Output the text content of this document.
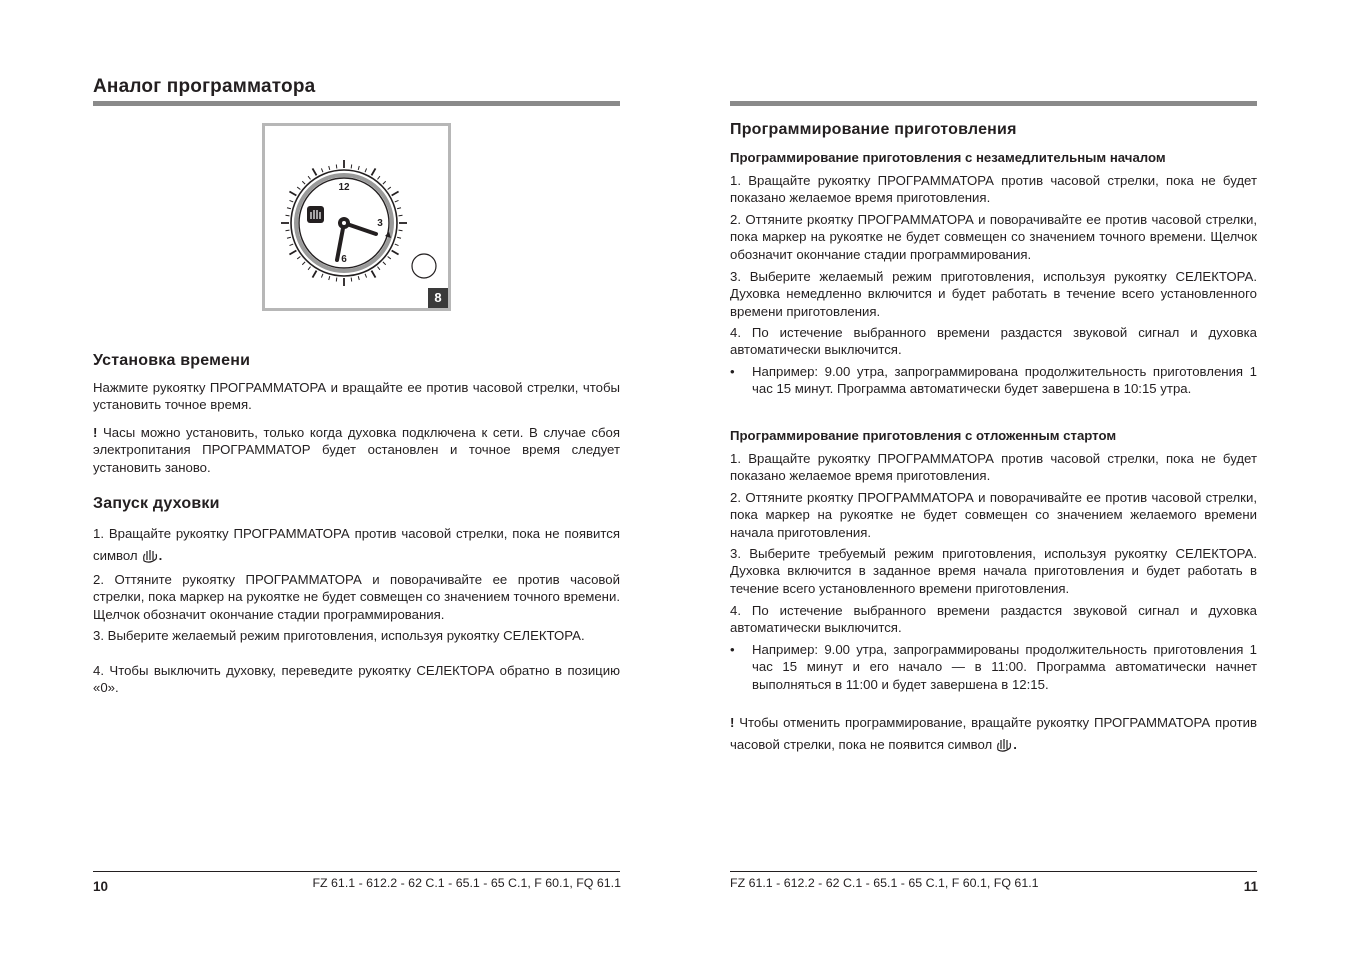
Аналог программатора
12
3
6
8
Установка времени
Нажмите рукоятку ПРОГРАММАТОРА и вращайте ее против часовой стрелки, чтобы установить точное время.
! Часы можно установить, только когда духовка подключена к сети. В случае сбоя электропитания ПРОГРАММАТОР будет остановлен и точное время следует установить заново.
Запуск духовки
1. Вращайте рукоятку ПРОГРАММАТОРА против часовой стрелки, пока не появится символ .
2. Оттяните рукоятку ПРОГРАММАТОРА и поворачивайте ее против часовой стрелки, пока маркер на рукоятке не будет совмещен со значением точного времени. Щелчок обозначит окончание стадии программирования.
3. Выберите желаемый режим приготовления, используя рукоятку СЕЛЕКТОРА.
4. Чтобы выключить духовку, переведите рукоятку СЕЛЕКТОРА обратно в позицию «0».
10	FZ 61.1 - 612.2 - 62 C.1 - 65.1 - 65 C.1, F 60.1, FQ 61.1
Программирование приготовления
Программирование приготовления с незамедлительным началом
1. Вращайте рукоятку ПРОГРАММАТОРА против часовой стрелки, пока не будет показано желаемое время приготовления.
2. Оттяните ркоятку ПРОГРАММАТОРА и поворачивайте ее против часовой стрелки, пока маркер на рукоятке не будет совмещен со значением точного времени. Щелчок обозначит окончание стадии программирования.
3. Выберите желаемый режим приготовления, используя рукоятку СЕЛЕКТОРА. Духовка немедленно включится и будет работать в течение всего установленного времени приготовления.
4. По истечение выбранного времени раздастся звуковой сигнал и духовка автоматически выключится.
• Например: 9.00 утра, запрограммирована продолжительность приготовления 1 час 15 минут. Программа автоматически будет завершена в 10:15 утра.
Программирование приготовления с отложенным стартом
1. Вращайте рукоятку ПРОГРАММАТОРА против часовой стрелки, пока не будет показано желаемое время приготовления.
2. Оттяните ркоятку ПРОГРАММАТОРА и поворачивайте ее против часовой стрелки, пока маркер на рукоятке не будет совмещен со значением желаемого времени начала приготовления.
3. Выберите требуемый режим приготовления, используя рукоятку СЕЛЕКТОРА. Духовка включится в заданное время начала приготовления и будет работать в течение всего установленного времени приготовления.
4. По истечение выбранного времени раздастся звуковой сигнал и духовка автоматически выключится.
• Например: 9.00 утра, запрограммированы продолжительность приготовления 1 час 15 минут и его начало — в 11:00. Программа автоматически начнет выполняться в 11:00 и будет завершена в 12:15.
! Чтобы отменить программирование, вращайте рукоятку ПРОГРАММАТОРА против часовой стрелки, пока не появится символ .
FZ 61.1 - 612.2 - 62 C.1 - 65.1 - 65 C.1, F 60.1, FQ 61.1	11
